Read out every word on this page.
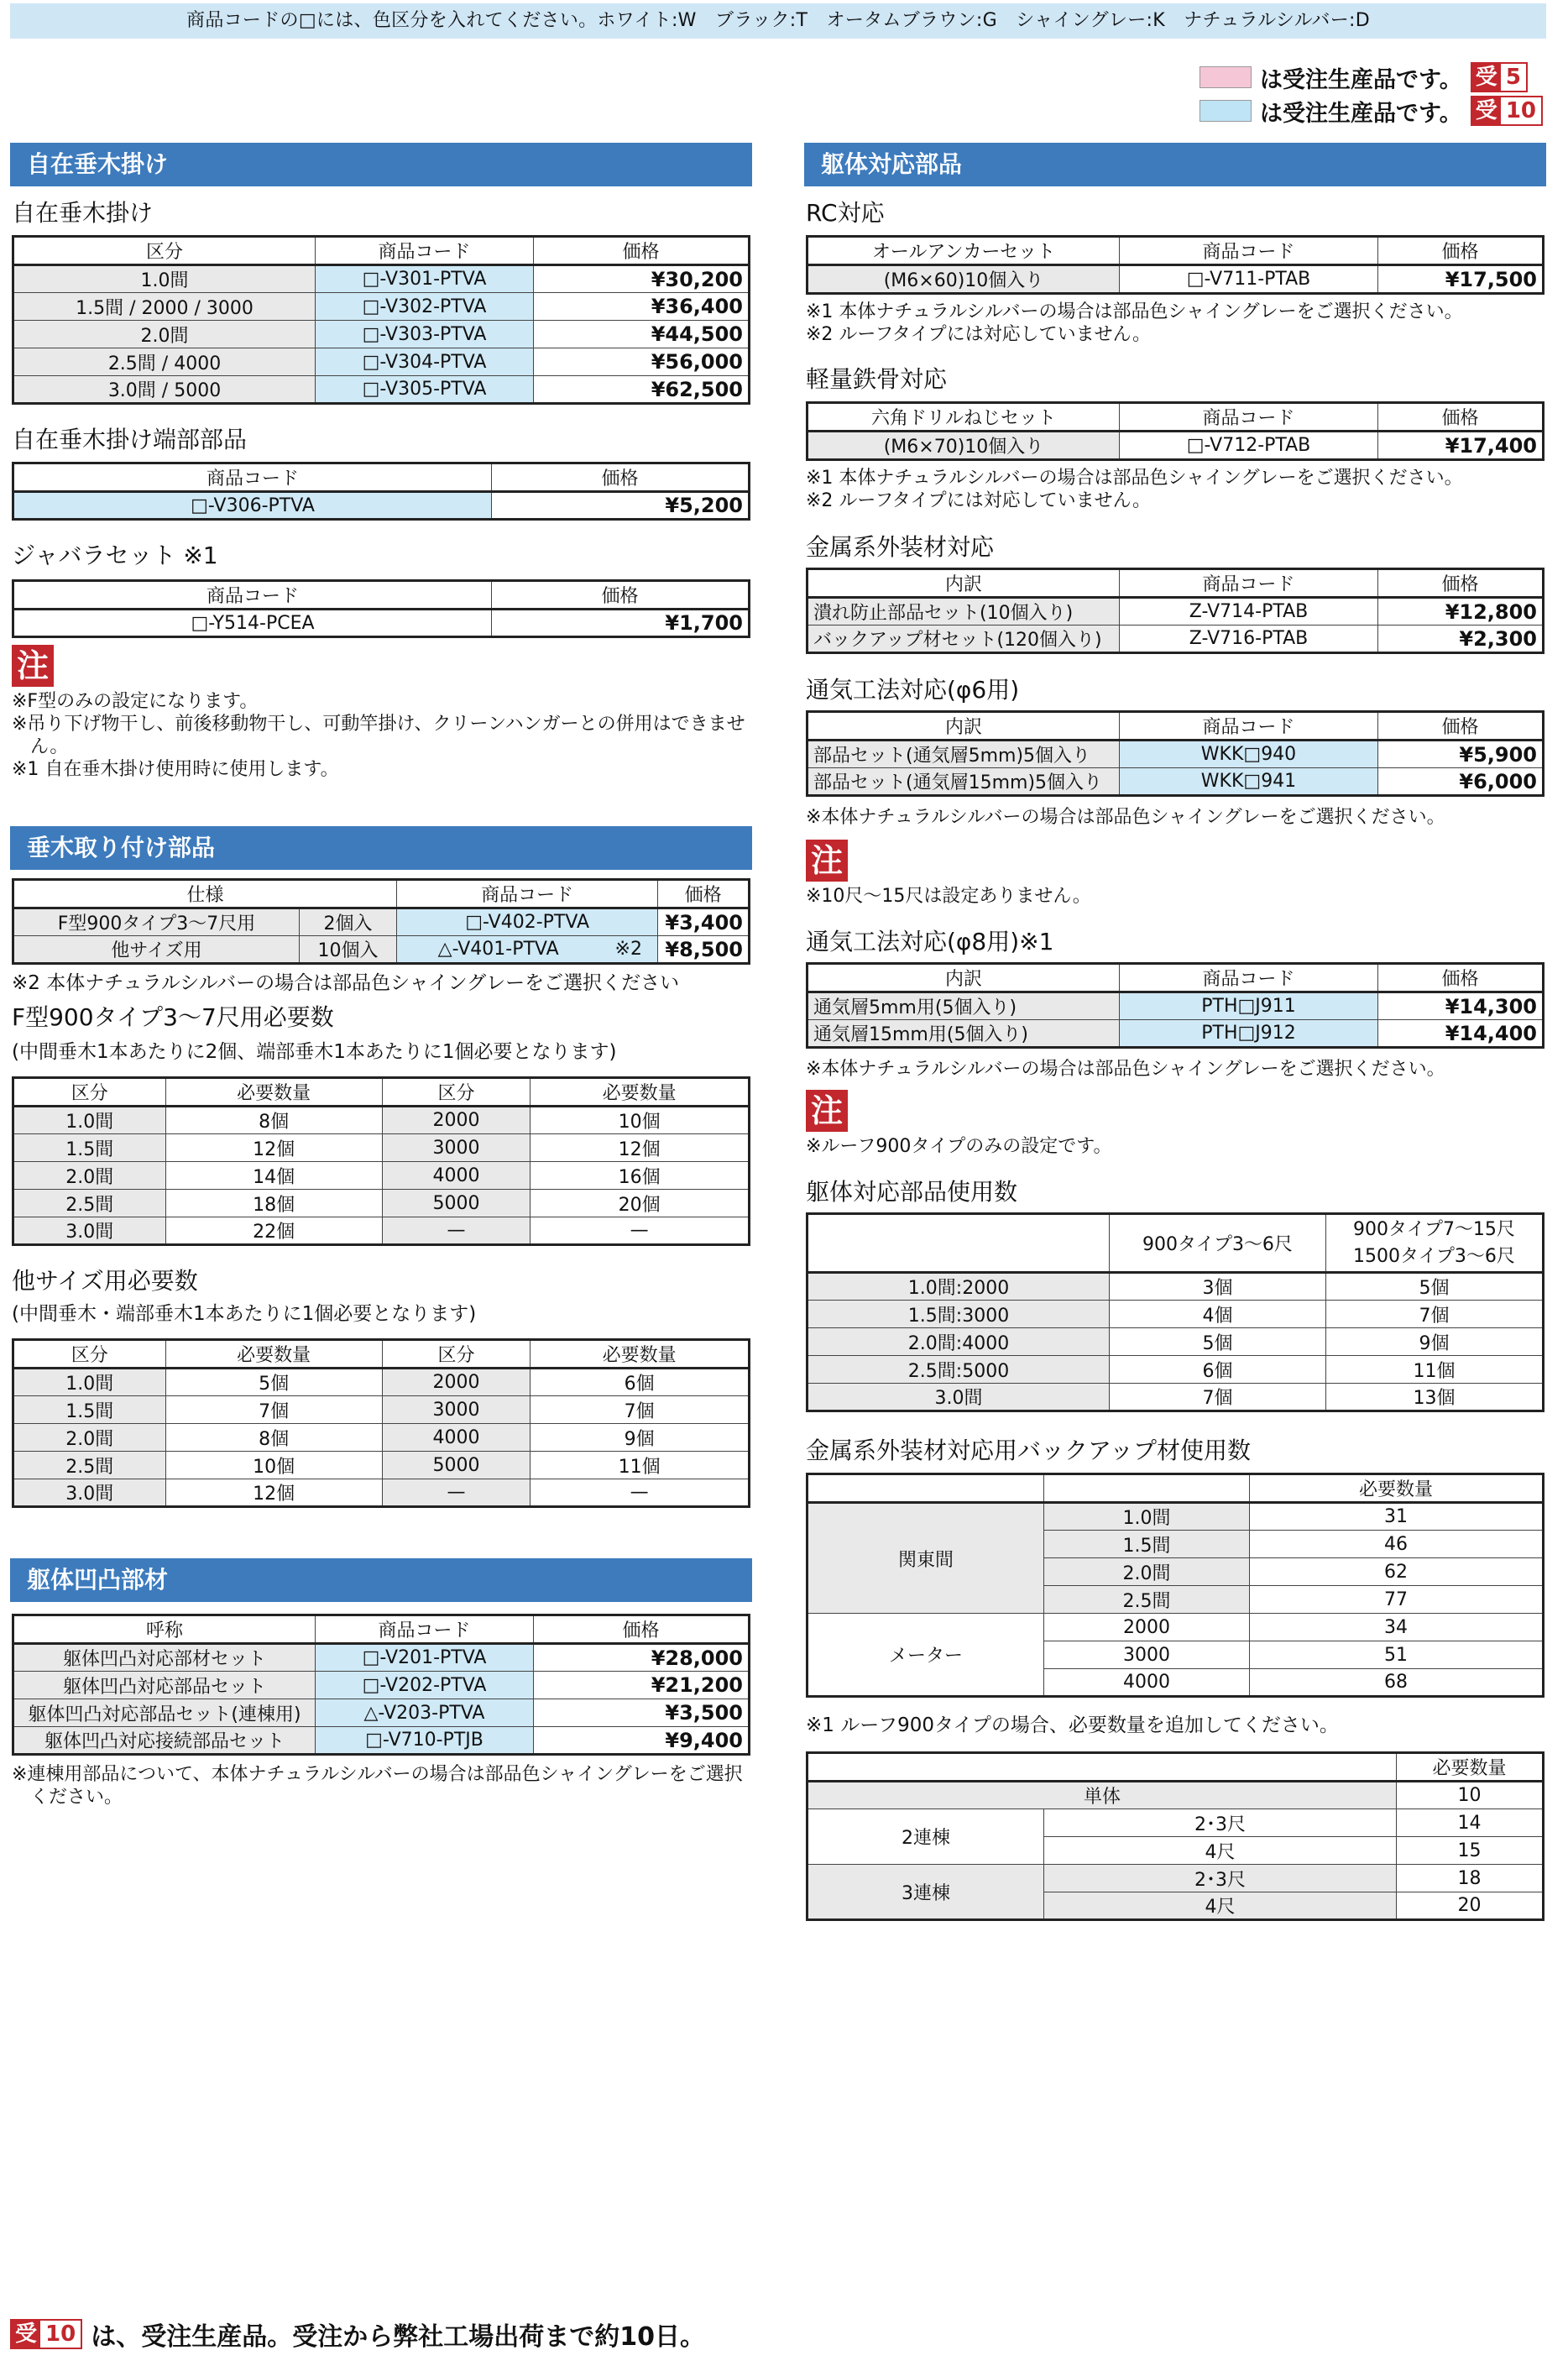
商品コードの□には、色区分を入れてください。ホワイト:W　ブラック:T　オータムブラウン:G　シャイングレー:K　ナチュラルシルバー:D
は受注生産品です。 受 5
は受注生産品です。 受 10
自在垂木掛け
自在垂木掛け
区分	商品コード	価格
1.0間	□-V301-PTVA	¥30,200
1.5間 / 2000 / 3000	□-V302-PTVA	¥36,400
2.0間	□-V303-PTVA	¥44,500
2.5間 / 4000	□-V304-PTVA	¥56,000
3.0間 / 5000	□-V305-PTVA	¥62,500
自在垂木掛け端部部品
商品コード	価格
□-V306-PTVA	¥5,200
ジャバラセット ※1
商品コード	価格
□-Y514-PCEA	¥1,700
注
※F型のみの設定になります。
※吊り下げ物干し、前後移動物干し、可動竿掛け、クリーンハンガーとの併用はできませ
ん。
※1 自在垂木掛け使用時に使用します。
垂木取り付け部品
仕様		商品コード		価格
F型900タイプ3〜7尺用	2個入	□-V402-PTVA		¥3,400
他サイズ用	10個入	△-V401-PTVA	※2	¥8,500
※2 本体ナチュラルシルバーの場合は部品色シャイングレーをご選択ください
F型900タイプ3〜7尺用必要数
(中間垂木1本あたりに2個、端部垂木1本あたりに1個必要となります)
区分	必要数量	区分	必要数量
1.0間	8個	2000	10個
1.5間	12個	3000	12個
2.0間	14個	4000	16個
2.5間	18個	5000	20個
3.0間	22個	—	—
他サイズ用必要数
(中間垂木・端部垂木1本あたりに1個必要となります)
区分	必要数量	区分	必要数量
1.0間	5個	2000	6個
1.5間	7個	3000	7個
2.0間	8個	4000	9個
2.5間	10個	5000	11個
3.0間	12個	—	—
躯体凹凸部材
呼称	商品コード	価格
躯体凹凸対応部材セット	□-V201-PTVA	¥28,000
躯体凹凸対応部品セット	□-V202-PTVA	¥21,200
躯体凹凸対応部品セット(連棟用)	△-V203-PTVA	¥3,500
躯体凹凸対応接続部品セット	□-V710-PTJB	¥9,400
※連棟用部品について、本体ナチュラルシルバーの場合は部品色シャイングレーをご選択
　ください。
躯体対応部品
RC対応
オールアンカーセット	商品コード	価格
(M6×60)10個入り	□-V711-PTAB	¥17,500
※1 本体ナチュラルシルバーの場合は部品色シャイングレーをご選択ください。
※2 ルーフタイプには対応していません。
軽量鉄骨対応
六角ドリルねじセット	商品コード	価格
(M6×70)10個入り	□-V712-PTAB	¥17,400
※1 本体ナチュラルシルバーの場合は部品色シャイングレーをご選択ください。
※2 ルーフタイプには対応していません。
金属系外装材対応
内訳	商品コード	価格
潰れ防止部品セット(10個入り)	Z-V714-PTAB	¥12,800
バックアップ材セット(120個入り)	Z-V716-PTAB	¥2,300
通気工法対応(φ6用)
内訳	商品コード	価格
部品セット(通気層5mm)5個入り	WKK□940	¥5,900
部品セット(通気層15mm)5個入り	WKK□941	¥6,000
※本体ナチュラルシルバーの場合は部品色シャイングレーをご選択ください。
注
※10尺〜15尺は設定ありません。
通気工法対応(φ8用)※1
内訳	商品コード	価格
通気層5mm用(5個入り)	PTH□J911	¥14,300
通気層15mm用(5個入り)	PTH□J912	¥14,400
※本体ナチュラルシルバーの場合は部品色シャイングレーをご選択ください。
注
※ルーフ900タイプのみの設定です。
躯体対応部品使用数
	900タイプ3〜6尺	900タイプ7〜15尺
1500タイプ3〜6尺

1.0間:2000	3個	5個
1.5間:3000	4個	7個
2.0間:4000	5個	9個
2.5間:5000	6個	11個
3.0間	7個	13個
金属系外装材対応用バックアップ材使用数
		必要数量
関東間	1.0間	31
	1.5間	46
	2.0間	62
	2.5間	77
メーター	2000	34
	3000	51
	4000	68
※1 ルーフ900タイプの場合、必要数量を追加してください。
		必要数量
単体		10
2連棟	2･3尺	14
	4尺	15
3連棟	2･3尺	18
	4尺	20
受 10 は、受注生産品。受注から弊社工場出荷まで約10日。
